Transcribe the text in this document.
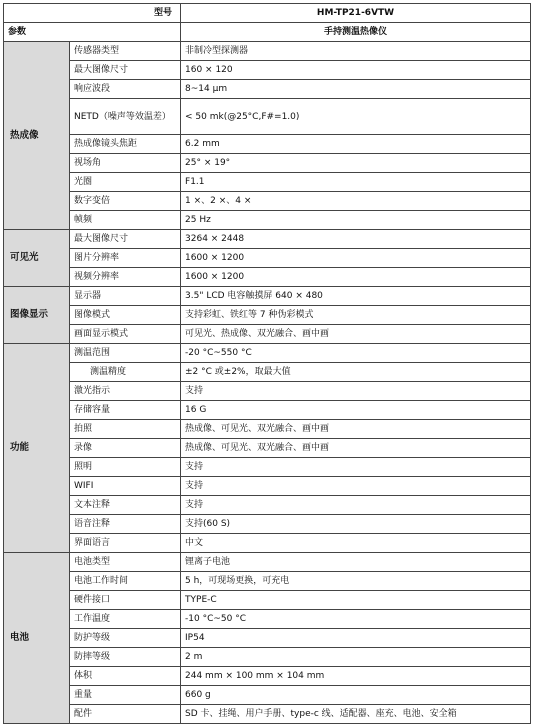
型号		HM-TP21-6VTW
参数		手持测温热像仪
热成像	传感器类型	非制冷型探测器
	最大图像尺寸	160 × 120
	响应波段	8~14 μm
	NETD（噪声等效温差）	< 50 mk(@25°C,F#=1.0)
	热成像镜头焦距	6.2 mm
	视场角	25° × 19°
	光圈	F1.1
	数字变倍	1 ×、2 ×、4 ×
	帧频	25 Hz
可见光	最大图像尺寸	3264 × 2448
	图片分辨率	1600 × 1200
	视频分辨率	1600 × 1200
图像显示	显示器	3.5" LCD 电容触摸屏 640 × 480
	图像模式	支持彩虹、铁红等 7 种伪彩模式
	画面显示模式	可见光、热成像、双光融合、画中画
功能	测温范围	-20 °C~550 °C
	测温精度	±2 °C 或±2%，取最大值
	激光指示	支持
	存储容量	16 G
	拍照	热成像、可见光、双光融合、画中画
	录像	热成像、可见光、双光融合、画中画
	照明	支持
	WIFI	支持
	文本注释	支持
	语音注释	支持(60 S)
	界面语言	中文
电池	电池类型	锂离子电池
	电池工作时间	5 h，可现场更换，可充电
	硬件接口	TYPE-C
	工作温度	-10 °C~50 °C
	防护等级	IP54
	防摔等级	2 m
	体积	244 mm × 100 mm × 104 mm
	重量	660 g
	配件	SD 卡、挂绳、用户手册、type-c 线、适配器、座充、电池、安全箱
